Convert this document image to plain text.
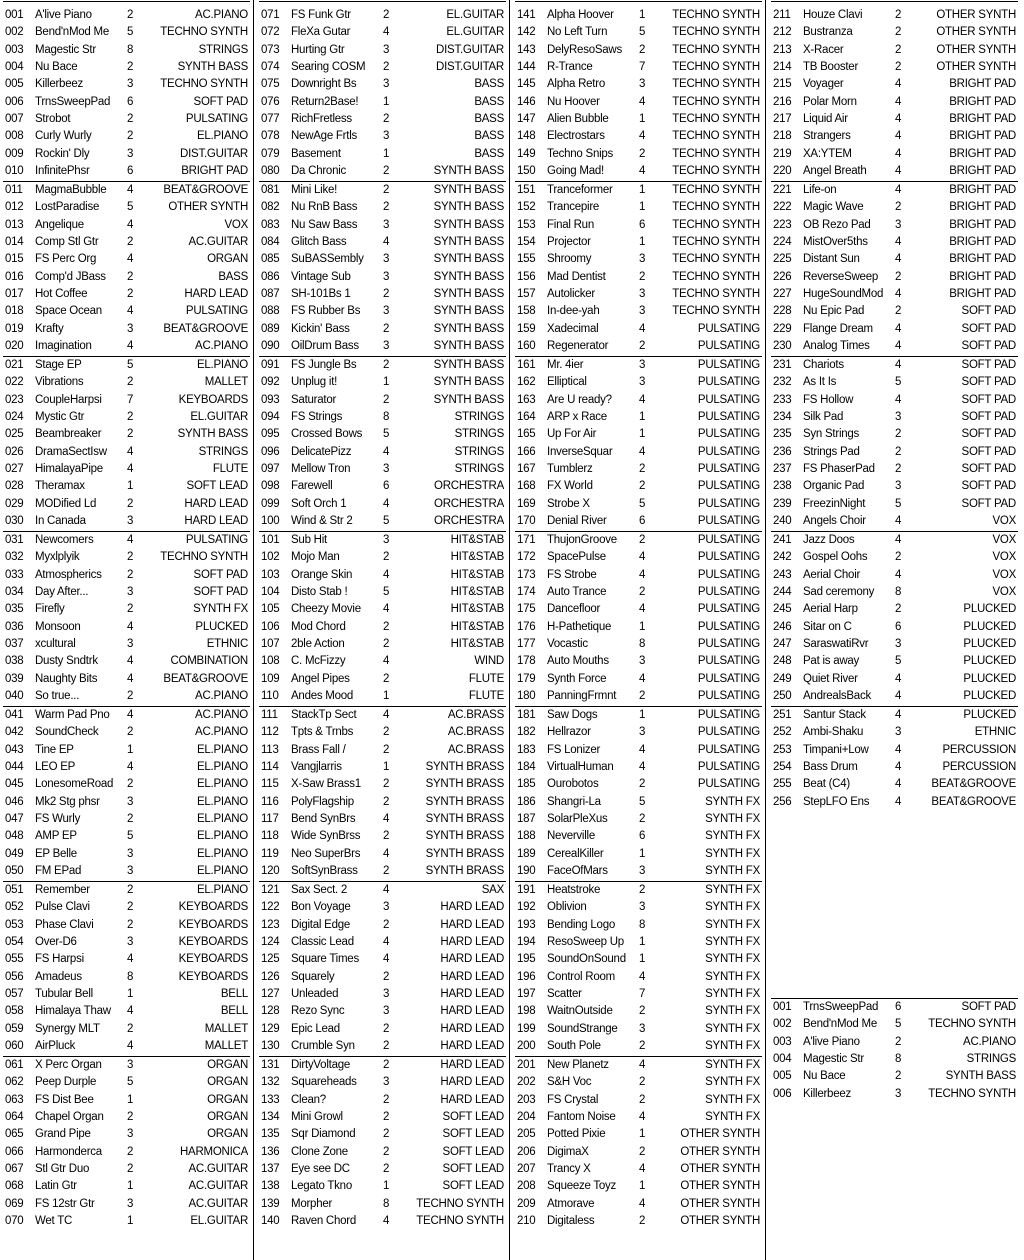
001	A'live Piano	2	AC.PIANO
002	Bend'nMod Me	5	TECHNO SYNTH
003	Magestic Str	8	STRINGS
004	Nu Bace	2	SYNTH BASS
005	Killerbeez	3	TECHNO SYNTH
006	TrnsSweepPad	6	SOFT PAD
007	Strobot	2	PULSATING
008	Curly Wurly	2	EL.PIANO
009	Rockin' Dly	3	DIST.GUITAR
010	InfinitePhsr	6	BRIGHT PAD
011	MagmaBubble	4	BEAT&GROOVE
012	LostParadise	5	OTHER SYNTH
013	Angelique	4	VOX
014	Comp Stl Gtr	2	AC.GUITAR
015	FS Perc Org	4	ORGAN
016	Comp'd JBass	2	BASS
017	Hot Coffee	2	HARD LEAD
018	Space Ocean	4	PULSATING
019	Krafty	3	BEAT&GROOVE
020	Imagination	4	AC.PIANO
021	Stage EP	5	EL.PIANO
022	Vibrations	2	MALLET
023	CoupleHarpsi	7	KEYBOARDS
024	Mystic Gtr	2	EL.GUITAR
025	Beambreaker	2	SYNTH BASS
026	DramaSectIsw	4	STRINGS
027	HimalayaPipe	4	FLUTE
028	Theramax	1	SOFT LEAD
029	MODified Ld	2	HARD LEAD
030	In Canada	3	HARD LEAD
031	Newcomers	4	PULSATING
032	Myxlplyik	2	TECHNO SYNTH
033	Atmospherics	2	SOFT PAD
034	Day After...	3	SOFT PAD
035	Firefly	2	SYNTH FX
036	Monsoon	4	PLUCKED
037	xcultural	3	ETHNIC
038	Dusty Sndtrk	4	COMBINATION
039	Naughty Bits	4	BEAT&GROOVE
040	So true...	2	AC.PIANO
041	Warm Pad Pno	4	AC.PIANO
042	SoundCheck	2	AC.PIANO
043	Tine EP	1	EL.PIANO
044	LEO EP	4	EL.PIANO
045	LonesomeRoad	2	EL.PIANO
046	Mk2 Stg phsr	3	EL.PIANO
047	FS Wurly	2	EL.PIANO
048	AMP EP	5	EL.PIANO
049	EP Belle	3	EL.PIANO
050	FM EPad	3	EL.PIANO
051	Remember	2	EL.PIANO
052	Pulse Clavi	2	KEYBOARDS
053	Phase Clavi	2	KEYBOARDS
054	Over-D6	3	KEYBOARDS
055	FS Harpsi	4	KEYBOARDS
056	Amadeus	8	KEYBOARDS
057	Tubular Bell	1	BELL
058	Himalaya Thaw	4	BELL
059	Synergy MLT	2	MALLET
060	AirPluck	4	MALLET
061	X Perc Organ	3	ORGAN
062	Peep Durple	5	ORGAN
063	FS Dist Bee	1	ORGAN
064	Chapel Organ	2	ORGAN
065	Grand Pipe	3	ORGAN
066	Harmonderca	2	HARMONICA
067	Stl Gtr Duo	2	AC.GUITAR
068	Latin Gtr	1	AC.GUITAR
069	FS 12str Gtr	3	AC.GUITAR
070	Wet TC	1	EL.GUITAR
071	FS Funk Gtr	2	EL.GUITAR
072	FleXa Gutar	4	EL.GUITAR
073	Hurting Gtr	3	DIST.GUITAR
074	Searing COSM	2	DIST.GUITAR
075	Downright Bs	3	BASS
076	Return2Base!	1	BASS
077	RichFretless	2	BASS
078	NewAge Frtls	3	BASS
079	Basement	1	BASS
080	Da Chronic	2	SYNTH BASS
081	Mini Like!	2	SYNTH BASS
082	Nu RnB Bass	2	SYNTH BASS
083	Nu Saw Bass	3	SYNTH BASS
084	Glitch Bass	4	SYNTH BASS
085	SuBASSembly	3	SYNTH BASS
086	Vintage Sub	3	SYNTH BASS
087	SH-101Bs 1	2	SYNTH BASS
088	FS Rubber Bs	3	SYNTH BASS
089	Kickin' Bass	2	SYNTH BASS
090	OilDrum Bass	3	SYNTH BASS
091	FS Jungle Bs	2	SYNTH BASS
092	Unplug it!	1	SYNTH BASS
093	Saturator	2	SYNTH BASS
094	FS Strings	8	STRINGS
095	Crossed Bows	5	STRINGS
096	DelicatePizz	4	STRINGS
097	Mellow Tron	3	STRINGS
098	Farewell	6	ORCHESTRA
099	Soft Orch 1	4	ORCHESTRA
100	Wind & Str 2	5	ORCHESTRA
101	Sub Hit	3	HIT&STAB
102	Mojo Man	2	HIT&STAB
103	Orange Skin	4	HIT&STAB
104	Disto Stab !	5	HIT&STAB
105	Cheezy Movie	4	HIT&STAB
106	Mod Chord	2	HIT&STAB
107	2ble Action	2	HIT&STAB
108	C. McFizzy	4	WIND
109	Angel Pipes	2	FLUTE
110	Andes Mood	1	FLUTE
111	StackTp Sect	4	AC.BRASS
112	Tpts & Trnbs	2	AC.BRASS
113	Brass Fall /	2	AC.BRASS
114	Vangjlarris	1	SYNTH BRASS
115	X-Saw Brass1	2	SYNTH BRASS
116	PolyFlagship	2	SYNTH BRASS
117	Bend SynBrs	4	SYNTH BRASS
118	Wide SynBrss	2	SYNTH BRASS
119	Neo SuperBrs	4	SYNTH BRASS
120	SoftSynBrass	2	SYNTH BRASS
121	Sax Sect. 2	4	SAX
122	Bon Voyage	3	HARD LEAD
123	Digital Edge	2	HARD LEAD
124	Classic Lead	4	HARD LEAD
125	Square Times	4	HARD LEAD
126	Squarely	2	HARD LEAD
127	Unleaded	3	HARD LEAD
128	Rezo Sync	3	HARD LEAD
129	Epic Lead	2	HARD LEAD
130	Crumble Syn	2	HARD LEAD
131	DirtyVoltage	2	HARD LEAD
132	Squareheads	3	HARD LEAD
133	Clean?	2	HARD LEAD
134	Mini Growl	2	SOFT LEAD
135	Sqr Diamond	2	SOFT LEAD
136	Clone Zone	2	SOFT LEAD
137	Eye see DC	2	SOFT LEAD
138	Legato Tkno	1	SOFT LEAD
139	Morpher	8	TECHNO SYNTH
140	Raven Chord	4	TECHNO SYNTH
141	Alpha Hoover	1	TECHNO SYNTH
142	No Left Turn	5	TECHNO SYNTH
143	DelyResoSaws	2	TECHNO SYNTH
144	R-Trance	7	TECHNO SYNTH
145	Alpha Retro	3	TECHNO SYNTH
146	Nu Hoover	4	TECHNO SYNTH
147	Alien Bubble	1	TECHNO SYNTH
148	Electrostars	4	TECHNO SYNTH
149	Techno Snips	2	TECHNO SYNTH
150	Going Mad!	4	TECHNO SYNTH
151	Tranceformer	1	TECHNO SYNTH
152	Trancepire	1	TECHNO SYNTH
153	Final Run	6	TECHNO SYNTH
154	Projector	1	TECHNO SYNTH
155	Shroomy	3	TECHNO SYNTH
156	Mad Dentist	2	TECHNO SYNTH
157	Autolicker	3	TECHNO SYNTH
158	In-dee-yah	3	TECHNO SYNTH
159	Xadecimal	4	PULSATING
160	Regenerator	2	PULSATING
161	Mr. 4ier	3	PULSATING
162	Elliptical	3	PULSATING
163	Are U ready?	4	PULSATING
164	ARP x Race	1	PULSATING
165	Up For Air	1	PULSATING
166	InverseSquar	4	PULSATING
167	Tumblerz	2	PULSATING
168	FX World	2	PULSATING
169	Strobe X	5	PULSATING
170	Denial River	6	PULSATING
171	ThujonGroove	2	PULSATING
172	SpacePulse	4	PULSATING
173	FS Strobe	4	PULSATING
174	Auto Trance	2	PULSATING
175	Dancefloor	4	PULSATING
176	H-Pathetique	1	PULSATING
177	Vocastic	8	PULSATING
178	Auto Mouths	3	PULSATING
179	Synth Force	4	PULSATING
180	PanningFrmnt	2	PULSATING
181	Saw Dogs	1	PULSATING
182	Hellrazor	3	PULSATING
183	FS Lonizer	4	PULSATING
184	VirtualHuman	4	PULSATING
185	Ourobotos	2	PULSATING
186	Shangri-La	5	SYNTH FX
187	SolarPleXus	2	SYNTH FX
188	Neverville	6	SYNTH FX
189	CerealKiller	1	SYNTH FX
190	FaceOfMars	3	SYNTH FX
191	Heatstroke	2	SYNTH FX
192	Oblivion	3	SYNTH FX
193	Bending Logo	8	SYNTH FX
194	ResoSweep Up	1	SYNTH FX
195	SoundOnSound	1	SYNTH FX
196	Control Room	4	SYNTH FX
197	Scatter	7	SYNTH FX
198	WaitnOutside	2	SYNTH FX
199	SoundStrange	3	SYNTH FX
200	South Pole	2	SYNTH FX
201	New Planetz	4	SYNTH FX
202	S&H Voc	2	SYNTH FX
203	FS Crystal	2	SYNTH FX
204	Fantom Noise	4	SYNTH FX
205	Potted Pixie	1	OTHER SYNTH
206	DigimaX	2	OTHER SYNTH
207	Trancy X	4	OTHER SYNTH
208	Squeeze Toyz	1	OTHER SYNTH
209	Atmorave	4	OTHER SYNTH
210	Digitaless	2	OTHER SYNTH
001	TrnsSweepPad	6	SOFT PAD
002	Bend'nMod Me	5	TECHNO SYNTH
003	A'live Piano	2	AC.PIANO
004	Magestic Str	8	STRINGS
005	Nu Bace	2	SYNTH BASS
006	Killerbeez	3	TECHNO SYNTH
211	Houze Clavi	2	OTHER SYNTH
212	Bustranza	2	OTHER SYNTH
213	X-Racer	2	OTHER SYNTH
214	TB Booster	2	OTHER SYNTH
215	Voyager	4	BRIGHT PAD
216	Polar Morn	4	BRIGHT PAD
217	Liquid Air	4	BRIGHT PAD
218	Strangers	4	BRIGHT PAD
219	XA:YTEM	4	BRIGHT PAD
220	Angel Breath	4	BRIGHT PAD
221	Life-on	4	BRIGHT PAD
222	Magic Wave	2	BRIGHT PAD
223	OB Rezo Pad	3	BRIGHT PAD
224	MistOver5ths	4	BRIGHT PAD
225	Distant Sun	4	BRIGHT PAD
226	ReverseSweep	2	BRIGHT PAD
227	HugeSoundMod	4	BRIGHT PAD
228	Nu Epic Pad	2	SOFT PAD
229	Flange Dream	4	SOFT PAD
230	Analog Times	4	SOFT PAD
231	Chariots	4	SOFT PAD
232	As It Is	5	SOFT PAD
233	FS Hollow	4	SOFT PAD
234	Silk Pad	3	SOFT PAD
235	Syn Strings	2	SOFT PAD
236	Strings Pad	2	SOFT PAD
237	FS PhaserPad	2	SOFT PAD
238	Organic Pad	3	SOFT PAD
239	FreezinNight	5	SOFT PAD
240	Angels Choir	4	VOX
241	Jazz Doos	4	VOX
242	Gospel Oohs	2	VOX
243	Aerial Choir	4	VOX
244	Sad ceremony	8	VOX
245	Aerial Harp	2	PLUCKED
246	Sitar on C	6	PLUCKED
247	SaraswatiRvr	3	PLUCKED
248	Pat is away	5	PLUCKED
249	Quiet River	4	PLUCKED
250	AndrealsBack	4	PLUCKED
251	Santur Stack	4	PLUCKED
252	Ambi-Shaku	3	ETHNIC
253	Timpani+Low	4	PERCUSSION
254	Bass Drum	4	PERCUSSION
255	Beat (C4)	4	BEAT&GROOVE
256	StepLFO Ens	4	BEAT&GROOVE
